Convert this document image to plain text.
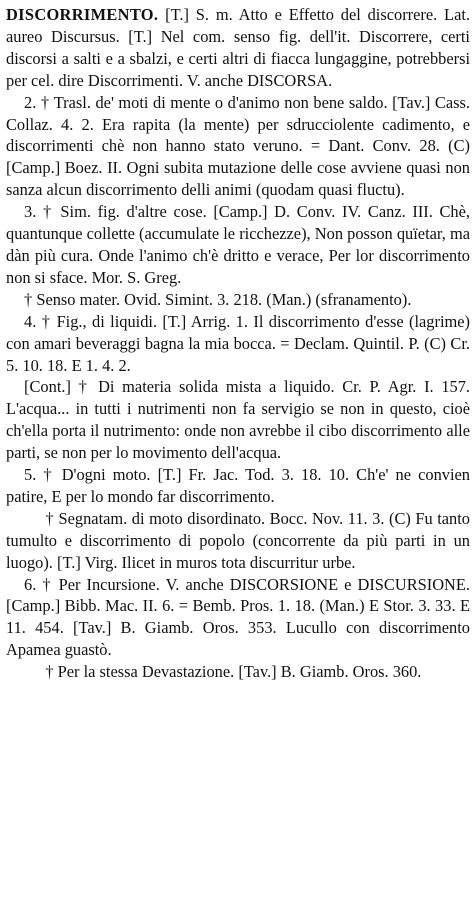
DISCORRIMENTO. [T.] S. m. Atto e Effetto del discorrere. Lat. aureo Discursus. [T.] Nel com. senso fig. dell'it. Discorrere, certi discorsi a salti e a sbalzi, e certi altri di fiacca lungaggine, potrebbersi per cel. dire Discorrimenti. V. anche DISCORSA.

2. † Trasl. de' moti di mente o d'animo non bene saldo. [Tav.] Cass. Collaz. 4. 2. Era rapita (la mente) per sdrucciolente cadimento, e discorrimenti chè non hanno stato veruno. = Dant. Conv. 28. (C) [Camp.] Boez. II. Ogni subita mutazione delle cose avviene quasi non sanza alcun discorrimento delli animi (quodam quasi fluctu).

3. † Sim. fig. d'altre cose. [Camp.] D. Conv. IV. Canz. III. Chè, quantunque collette (accumulate le ricchezze), Non posson quïetar, ma dàn più cura. Onde l'animo ch'è dritto e verace, Per lor discorrimento non si sface. Mor. S. Greg.

† Senso mater. Ovid. Simint. 3. 218. (Man.) (sfranamento).

4. † Fig., di liquidi. [T.] Arrig. 1. Il discorrimento d'esse (lagrime) con amari beveraggi bagna la mia bocca. = Declam. Quintil. P. (C) Cr. 5. 10. 18. E 1. 4. 2.

[Cont.] † Di materia solida mista a liquido. Cr. P. Agr. I. 157. L'acqua... in tutti i nutrimenti non fa servigio se non in questo, cioè ch'ella porta il nutrimento: onde non avrebbe il cibo discorrimento alle parti, se non per lo movimento dell'acqua.

5. † D'ogni moto. [T.] Fr. Jac. Tod. 3. 18. 10. Ch'e' ne convien patire, E per lo mondo far discorrimento.

† Segnatam. di moto disordinato. Bocc. Nov. 11. 3. (C) Fu tanto tumulto e discorrimento di popolo (concorrente da più parti in un luogo). [T.] Virg. Ilicet in muros tota discurritur urbe.

6. † Per Incursione. V. anche DISCORSIONE e DISCURSIONE. [Camp.] Bibb. Mac. II. 6. = Bemb. Pros. 1. 18. (Man.) E Stor. 3. 33. E 11. 454. [Tav.] B. Giamb. Oros. 353. Lucullo con discorrimento Apamea guastò.

† Per la stessa Devastazione. [Tav.] B. Giamb. Oros. 360.
